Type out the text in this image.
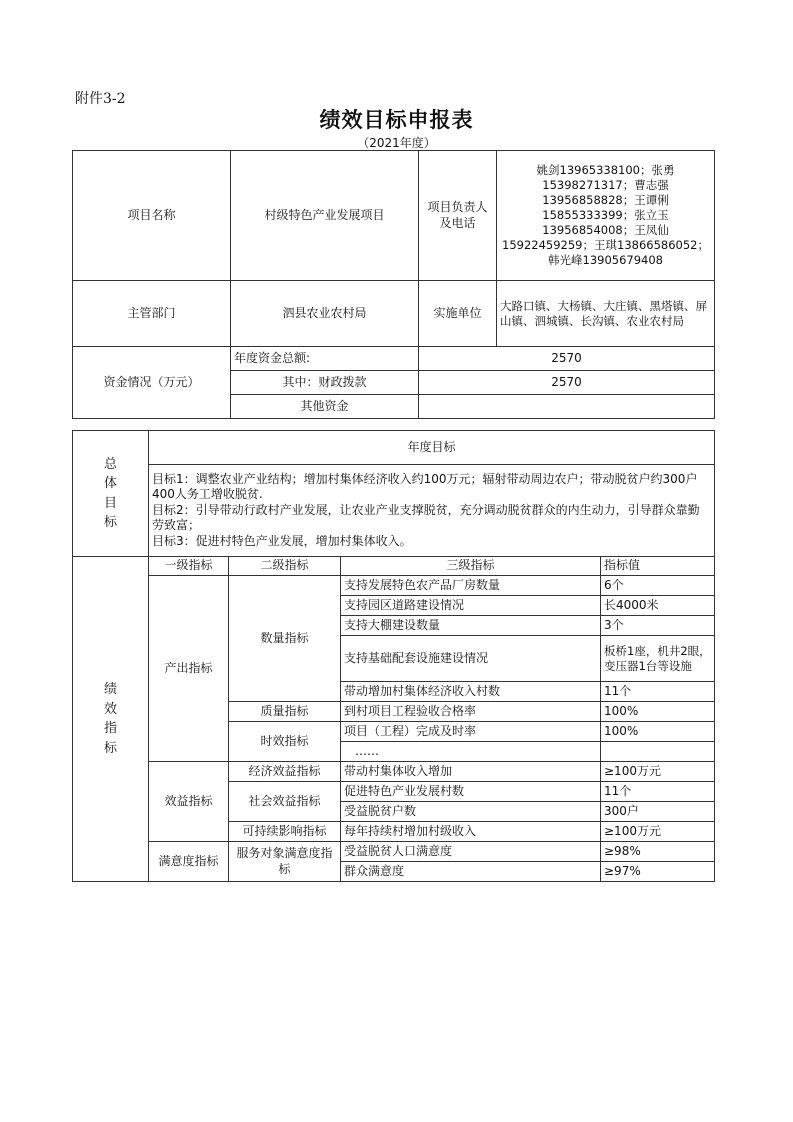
附件3-2
绩效目标申报表
（2021年度）
项目名称	村级特色产业发展项目	项目负责人及电话	姚剑13965338100；张勇15398271317；曹志强13956858828；王谭俐15855333399；张立玉13956854008；王凤仙15922459259；王琪13866586052；韩光峰13905679408
主管部门	泗县农业农村局	实施单位	大路口镇、大杨镇、大庄镇、黑塔镇、屏山镇、泗城镇、长沟镇、农业农村局
资金情况（万元）	年度资金总额:	2570	
	其中：财政拨款	2570	
	其他资金		
总
体
目
标	年度目标			

	目标1：调整农业产业结构；增加村集体经济收入约100万元；辐射带动周边农户；带动脱贫户约300户400人务工增收脱贫.
目标2：引导带动行政村产业发展，让农业产业支撑脱贫，充分调动脱贫群众的内生动力，引导群众靠勤劳致富；
目标3：促进村特色产业发展，增加村集体收入。			

绩
效
指
标	一级指标	二级指标	三级指标	指标值
	产出指标	数量指标	支持发展特色农产品厂房数量	6个
			支持园区道路建设情况	长4000米
			支持大棚建设数量	3个
			支持基础配套设施建设情况	板桥1座，机井2眼，变压器1台等设施
			带动增加村集体经济收入村数	11个
		质量指标	到村项目工程验收合格率	100%
		时效指标	项目（工程）完成及时率	100%
			……	
	效益指标	经济效益指标	带动村集体收入增加	≥100万元
		社会效益指标	促进特色产业发展村数	11个
			受益脱贫户数	300户
		可持续影响指标	每年持续村增加村级收入	≥100万元
	满意度指标	服务对象满意度指标	受益脱贫人口满意度	≥98%
			群众满意度	≥97%
